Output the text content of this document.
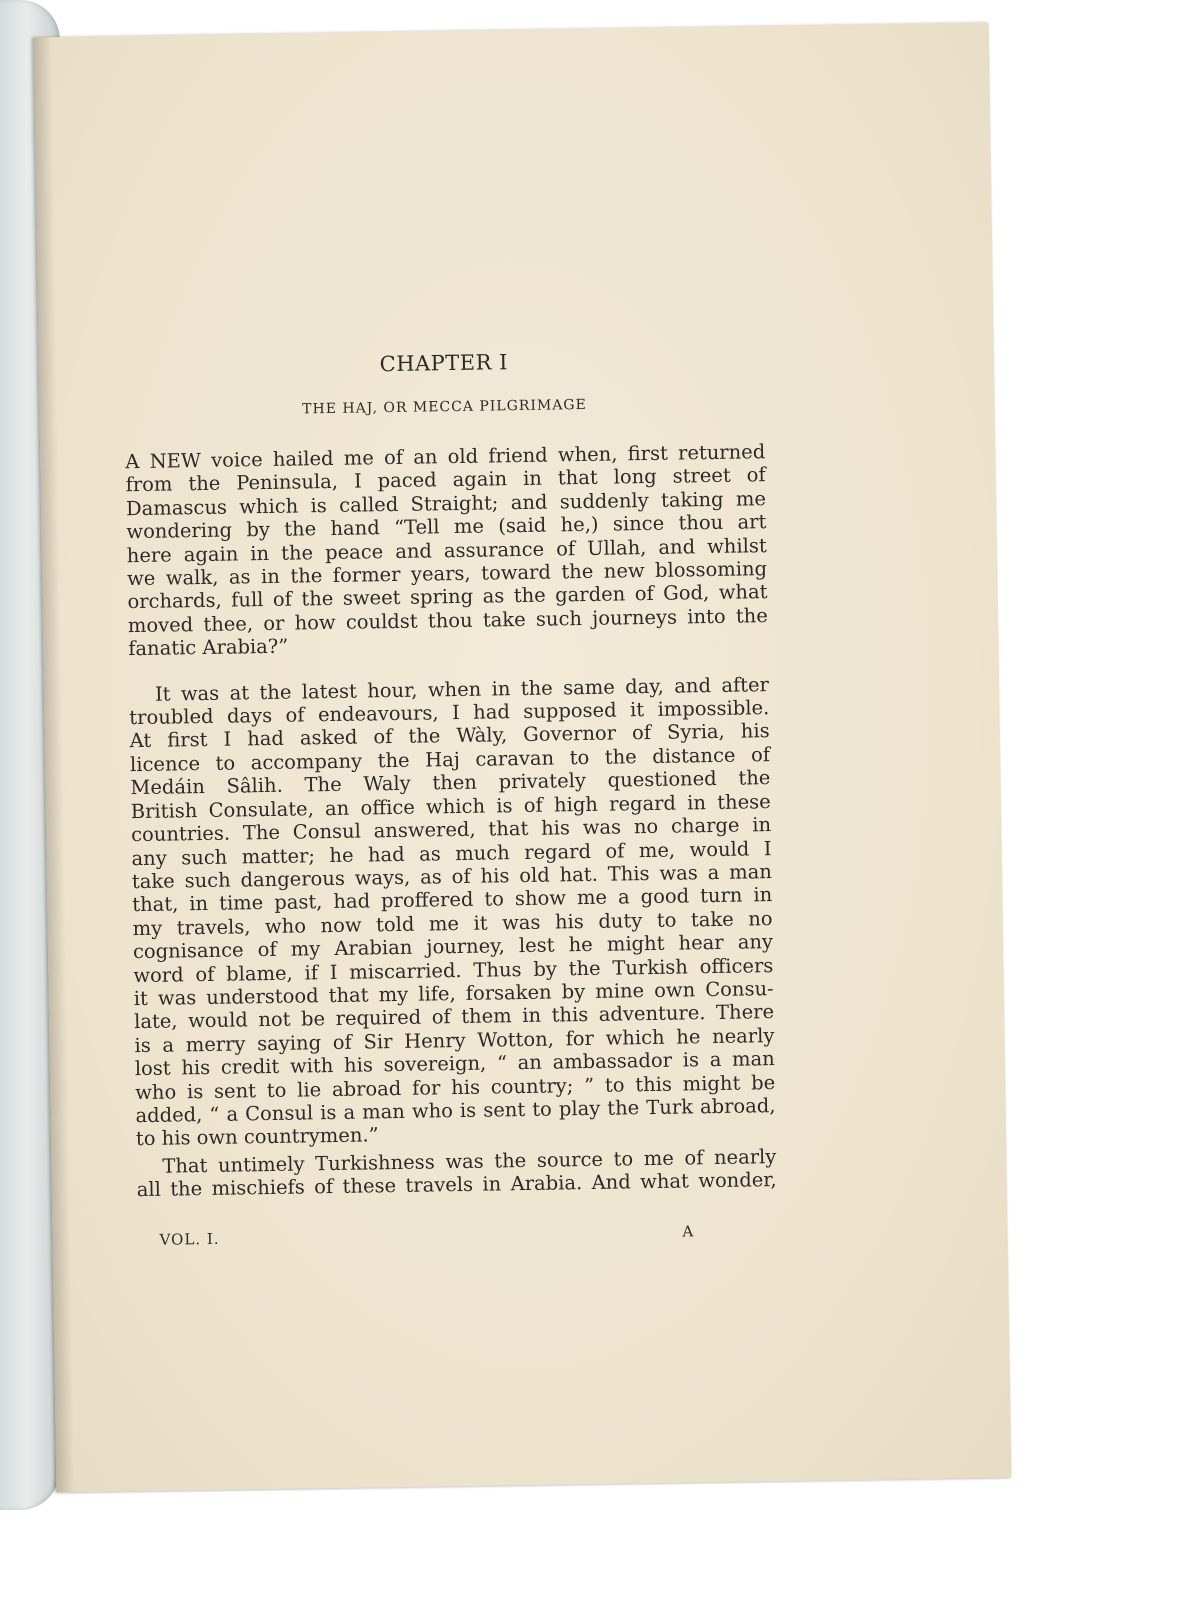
CHAPTER I
THE HAJ, OR MECCA PILGRIMAGE
A NEW voice hailed me of an old friend when, first returned
from the Peninsula, I paced again in that long street of
Damascus which is called Straight; and suddenly taking me
wondering by the hand “Tell me (said he,) since thou art
here again in the peace and assurance of Ullah, and whilst
we walk, as in the former years, toward the new blossoming
orchards, full of the sweet spring as the garden of God, what
moved thee, or how couldst thou take such journeys into the
fanatic Arabia?”
It was at the latest hour, when in the same day, and after
troubled days of endeavours, I had supposed it impossible.
At first I had asked of the Wàly, Governor of Syria, his
licence to accompany the Haj caravan to the distance of
Medáin Sâlih. The Waly then privately questioned the
British Consulate, an office which is of high regard in these
countries. The Consul answered, that his was no charge in
any such matter; he had as much regard of me, would I
take such dangerous ways, as of his old hat. This was a man
that, in time past, had proffered to show me a good turn in
my travels, who now told me it was his duty to take no
cognisance of my Arabian journey, lest he might hear any
word of blame, if I miscarried. Thus by the Turkish officers
it was understood that my life, forsaken by mine own Consu-
late, would not be required of them in this adventure. There
is a merry saying of Sir Henry Wotton, for which he nearly
lost his credit with his sovereign, “ an ambassador is a man
who is sent to lie abroad for his country; ” to this might be
added, “ a Consul is a man who is sent to play the Turk abroad,
to his own countrymen.”
That untimely Turkishness was the source to me of nearly
all the mischiefs of these travels in Arabia. And what wonder,
VOL. I.	A
